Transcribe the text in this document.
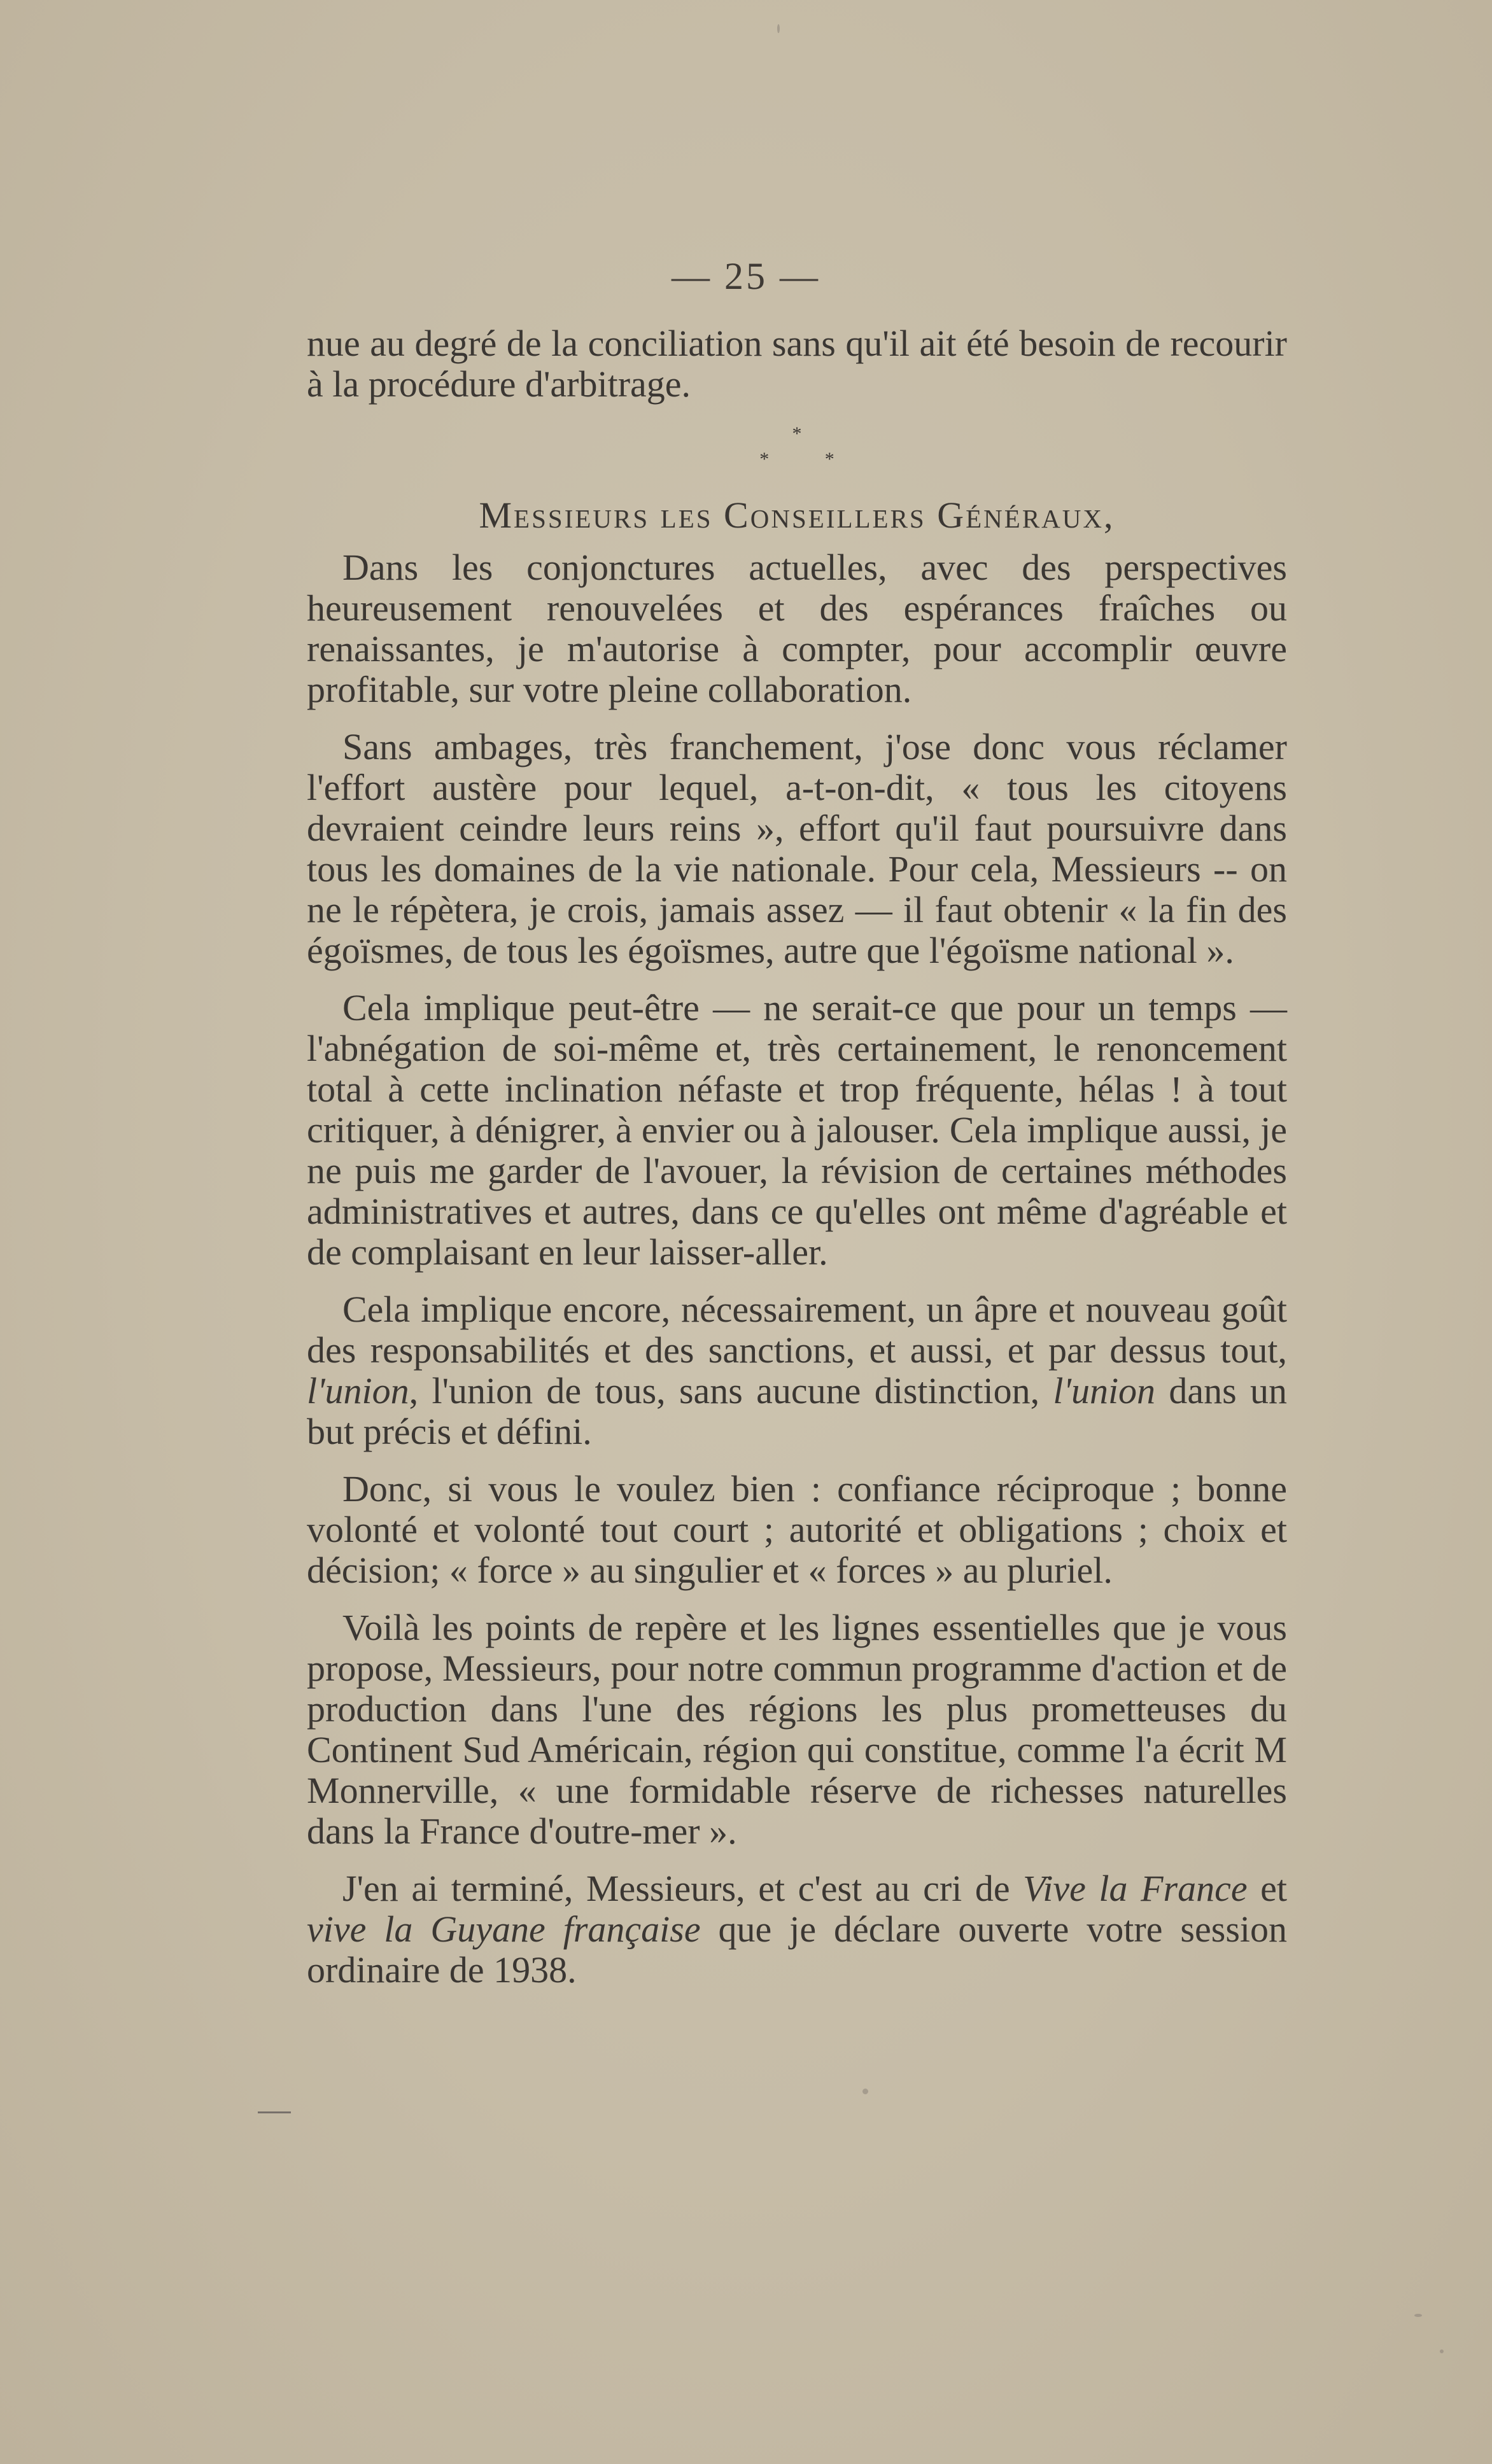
— 25 —

nue au degré de la conciliation sans qu'il ait été besoin de recourir à la procédure d'arbitrage.

*
* *

Messieurs les Conseillers Généraux,

Dans les conjonctures actuelles, avec des perspectives heureusement renouvelées et des espérances fraîches ou renaissantes, je m'autorise à compter, pour accomplir œuvre profitable, sur votre pleine collaboration.

Sans ambages, très franchement, j'ose donc vous réclamer l'effort austère pour lequel, a-t-on-dit, « tous les citoyens devraient ceindre leurs reins », effort qu'il faut poursuivre dans tous les domaines de la vie nationale. Pour cela, Messieurs -- on ne le répètera, je crois, jamais assez — il faut obtenir « la fin des égoïsmes, de tous les égoïsmes, autre que l'égoïsme national ».

Cela implique peut-être — ne serait-ce que pour un temps — l'abnégation de soi-même et, très certainement, le renoncement total à cette inclination néfaste et trop fréquente, hélas ! à tout critiquer, à dénigrer, à envier ou à jalouser. Cela implique aussi, je ne puis me garder de l'avouer, la révision de certaines méthodes administratives et autres, dans ce qu'elles ont même d'agréable et de complaisant en leur laisser-aller.

Cela implique encore, nécessairement, un âpre et nouveau goût des responsabilités et des sanctions, et aussi, et par dessus tout, l'union, l'union de tous, sans aucune distinction, l'union dans un but précis et défini.

Donc, si vous le voulez bien : confiance réciproque ; bonne volonté et volonté tout court ; autorité et obligations ; choix et décision; « force » au singulier et « forces » au pluriel.

Voilà les points de repère et les lignes essentielles que je vous propose, Messieurs, pour notre commun programme d'action et de production dans l'une des régions les plus prometteuses du Continent Sud Américain, région qui constitue, comme l'a écrit M Monnerville, « une formidable réserve de richesses naturelles dans la France d'outre-mer ».

J'en ai terminé, Messieurs, et c'est au cri de Vive la France et vive la Guyane française que je déclare ouverte votre session ordinaire de 1938.
